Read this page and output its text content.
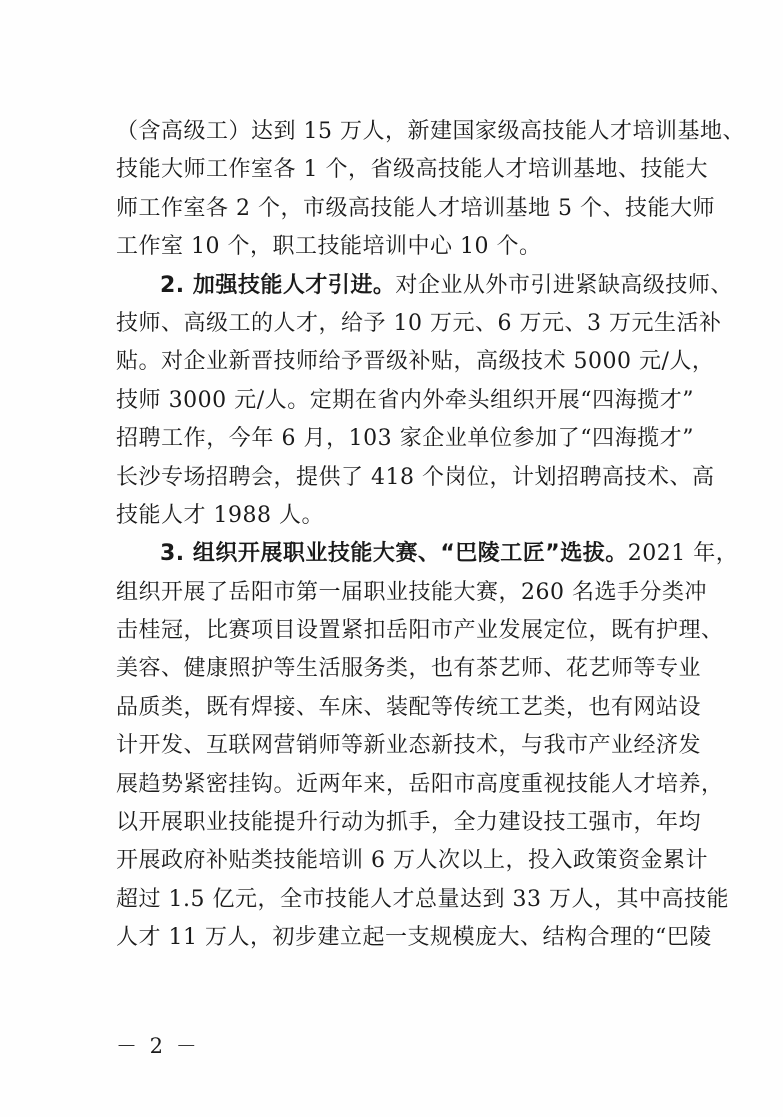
（含高级工）达到 15 万人，新建国家级高技能人才培训基地、
技能大师工作室各 1 个，省级高技能人才培训基地、技能大
师工作室各 2 个，市级高技能人才培训基地 5 个、技能大师
工作室 10 个，职工技能培训中心 10 个。
2. 加强技能人才引进。对企业从外市引进紧缺高级技师、
技师、高级工的人才，给予 10 万元、6 万元、3 万元生活补
贴。对企业新晋技师给予晋级补贴，高级技术 5000 元/人，
技师 3000 元/人。定期在省内外牵头组织开展“四海揽才”
招聘工作，今年 6 月，103 家企业单位参加了“四海揽才”
长沙专场招聘会，提供了 418 个岗位，计划招聘高技术、高
技能人才 1988 人。
3. 组织开展职业技能大赛、“巴陵工匠”选拔。2021 年，
组织开展了岳阳市第一届职业技能大赛，260 名选手分类冲
击桂冠，比赛项目设置紧扣岳阳市产业发展定位，既有护理、
美容、健康照护等生活服务类，也有茶艺师、花艺师等专业
品质类，既有焊接、车床、装配等传统工艺类，也有网站设
计开发、互联网营销师等新业态新技术，与我市产业经济发
展趋势紧密挂钩。近两年来，岳阳市高度重视技能人才培养，
以开展职业技能提升行动为抓手，全力建设技工强市，年均
开展政府补贴类技能培训 6 万人次以上，投入政策资金累计
超过 1.5 亿元，全市技能人才总量达到 33 万人，其中高技能
人才 11 万人，初步建立起一支规模庞大、结构合理的“巴陵
－ 2 －
